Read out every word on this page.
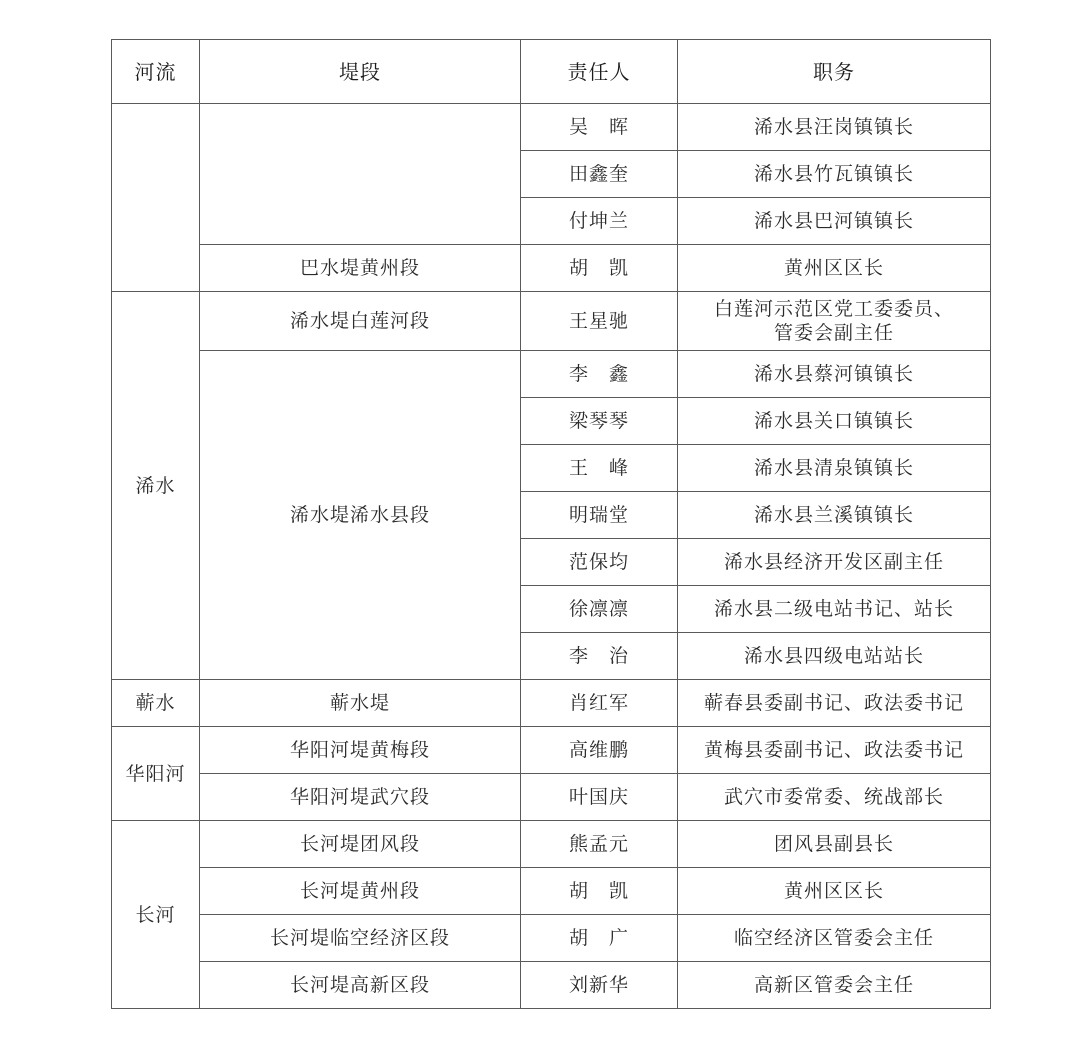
河流	堤段	责任人	职务
		吴　晖	浠水县汪岗镇镇长
		田鑫奎	浠水县竹瓦镇镇长
		付坤兰	浠水县巴河镇镇长
	巴水堤黄州段	胡　凯	黄州区区长
浠水	浠水堤白莲河段	王星驰	白莲河示范区党工委委员、
管委会副主任

	浠水堤浠水县段	李　鑫	浠水县蔡河镇镇长
		梁琴琴	浠水县关口镇镇长
		王　峰	浠水县清泉镇镇长
		明瑞堂	浠水县兰溪镇镇长
		范保均	浠水县经济开发区副主任
		徐凛凛	浠水县二级电站书记、站长
		李　治	浠水县四级电站站长
蕲水	蕲水堤	肖红军	蕲春县委副书记、政法委书记
华阳河	华阳河堤黄梅段	高维鹏	黄梅县委副书记、政法委书记
	华阳河堤武穴段	叶国庆	武穴市委常委、统战部长
长河	长河堤团风段	熊孟元	团风县副县长
	长河堤黄州段	胡　凯	黄州区区长
	长河堤临空经济区段	胡　广	临空经济区管委会主任
	长河堤高新区段	刘新华	高新区管委会主任
